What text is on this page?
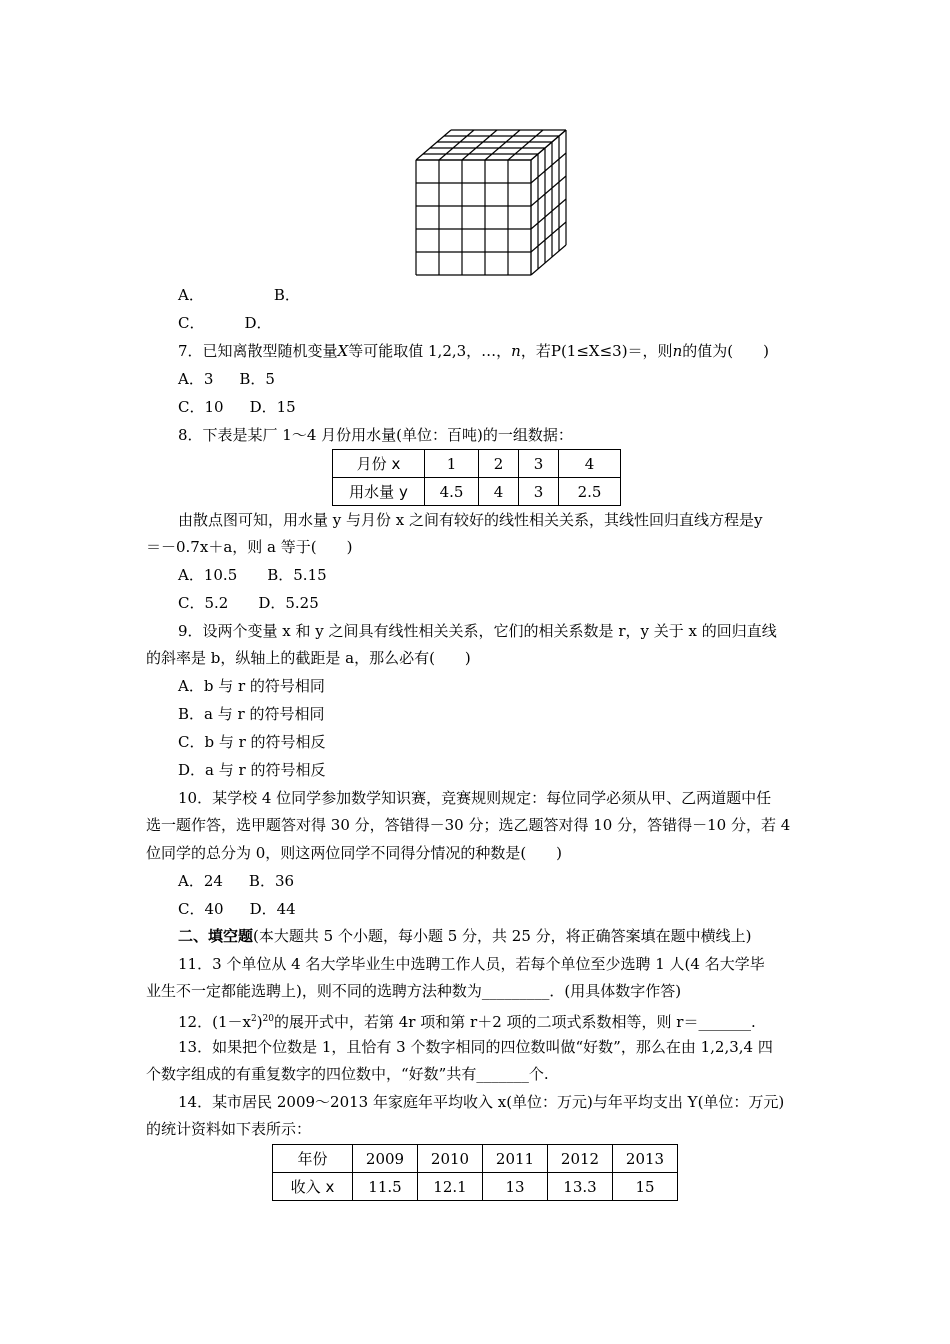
A．	B．
C．	D．
7．已知离散型随机变量X等可能取值 1,2,3，…，n，若P(1≤X≤3)＝，则n的值为(　　)
A．3 B．5
C．10 D．15
8．下表是某厂 1～4 月份用水量(单位：百吨)的一组数据：
月份 x	1	2	3	4
用水量 y	4.5	4	3	2.5
由散点图可知，用水量 y 与月份 x 之间有较好的线性相关关系，其线性回归直线方程是y
＝－0.7x＋a，则 a 等于(　　)
A．10.5 B．5.15
C．5.2 D．5.25
9．设两个变量 x 和 y 之间具有线性相关关系，它们的相关系数是 r，y 关于 x 的回归直线
的斜率是 b，纵轴上的截距是 a，那么必有(　　)
A．b 与 r 的符号相同
B．a 与 r 的符号相同
C．b 与 r 的符号相反
D．a 与 r 的符号相反
10．某学校 4 位同学参加数学知识赛，竞赛规则规定：每位同学必须从甲、乙两道题中任
选一题作答，选甲题答对得 30 分，答错得－30 分；选乙题答对得 10 分，答错得－10 分，若 4
位同学的总分为 0，则这两位同学不同得分情况的种数是(　　)
A．24 B．36
C．40 D．44
二、填空题(本大题共 5 个小题，每小题 5 分，共 25 分，将正确答案填在题中横线上)
11．3 个单位从 4 名大学毕业生中选聘工作人员，若每个单位至少选聘 1 人(4 名大学毕
业生不一定都能选聘上)，则不同的选聘方法种数为_________．(用具体数字作答)
12．$(1-x^2)^{20}$的展开式中，若第 4r 项和第 r＋2 项的二项式系数相等，则 r＝_______.
13．如果把个位数是 1，且恰有 3 个数字相同的四位数叫做“好数”，那么在由 1,2,3,4 四
个数字组成的有重复数字的四位数中，“好数”共有_______个.
14．某市居民 2009～2013 年家庭年平均收入 x(单位：万元)与年平均支出 Y(单位：万元)
的统计资料如下表所示：
年份	2009	2010	2011	2012	2013
收入 x	11.5	12.1	13	13.3	15
